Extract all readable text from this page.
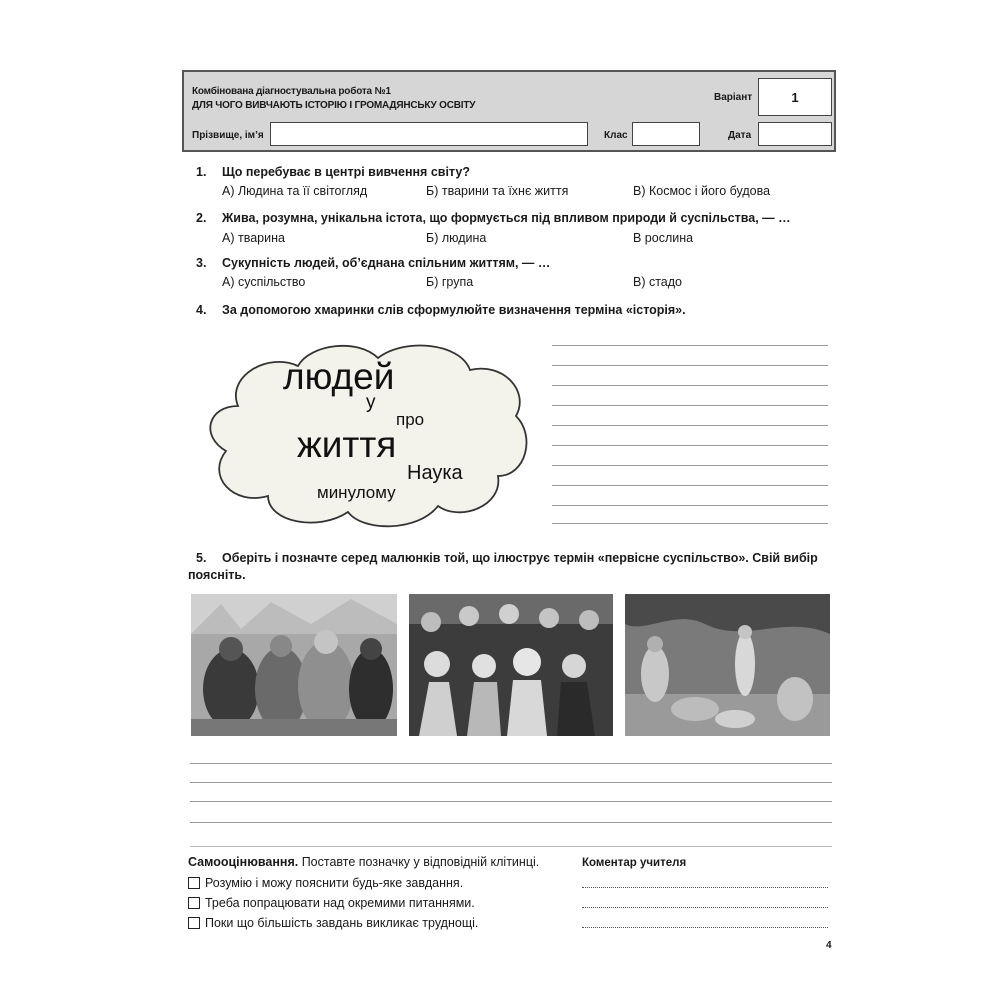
Комбінована діагностувальна робота №1
ДЛЯ ЧОГО ВИВЧАЮТЬ ІСТОРІЮ І ГРОМАДЯНСЬКУ ОСВІТУ
Варіант	1
Прізвище, ім’я	Клас	Дата
1. Що перебуває в центрі вивчення світу?
А) Людина та її світогляд	Б) тварини та їхнє життя	В) Космос і його будова
2. Жива, розумна, унікальна істота, що формується під впливом природи й суспільства, — …
А) тварина	Б) людина	В рослина
3. Сукупність людей, об’єднана спільним життям, — …
А) суспільство	Б) група	В) стадо
4. За допомогою хмаринки слів сформулюйте визначення терміна «історія».
людей
у
про
життя
Наука
минулому
5. Оберіть і позначте серед малюнків той, що ілюструє термін «первісне суспільство». Свій вибір
поясніть.
Самооцінювання. Поставте позначку у відповідній клітинці.
Розумію і можу пояснити будь-яке завдання.
Треба попрацювати над окремими питаннями.
Поки що більшість завдань викликає труднощі.
Коментар учителя
4
